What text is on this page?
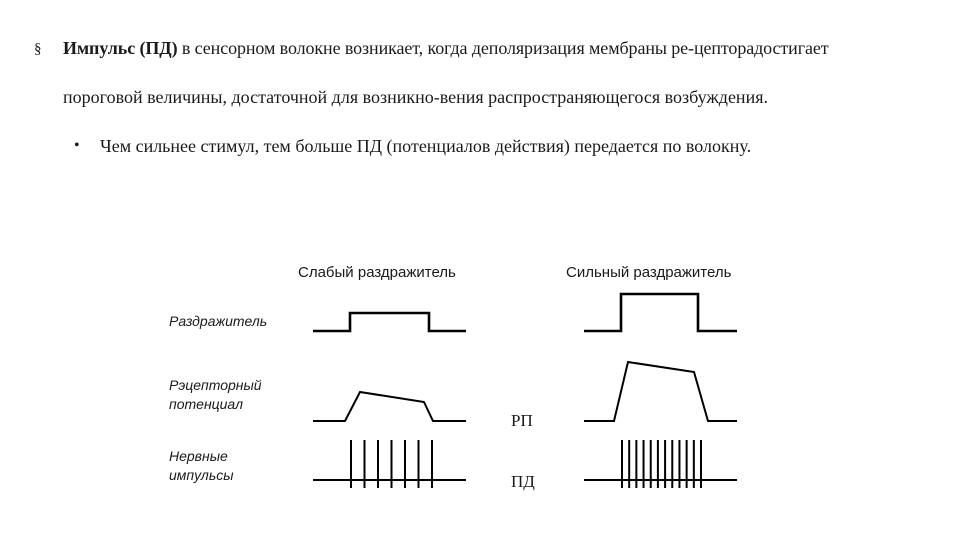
§ Импульс (ПД) в сенсорном волокне возникает, когда деполяризация мембраны ре-цепторадостигает
пороговой величины, достаточной для возникно-вения распространяющегося возбуждения.
• Чем сильнее стимул, тем больше ПД (потенциалов действия) передается по волокну.
Слабый раздражитель	Сильный раздражитель
Раздражитель
Рэцепторный
потенциал
Нервные
импульсы
РП
ПД
